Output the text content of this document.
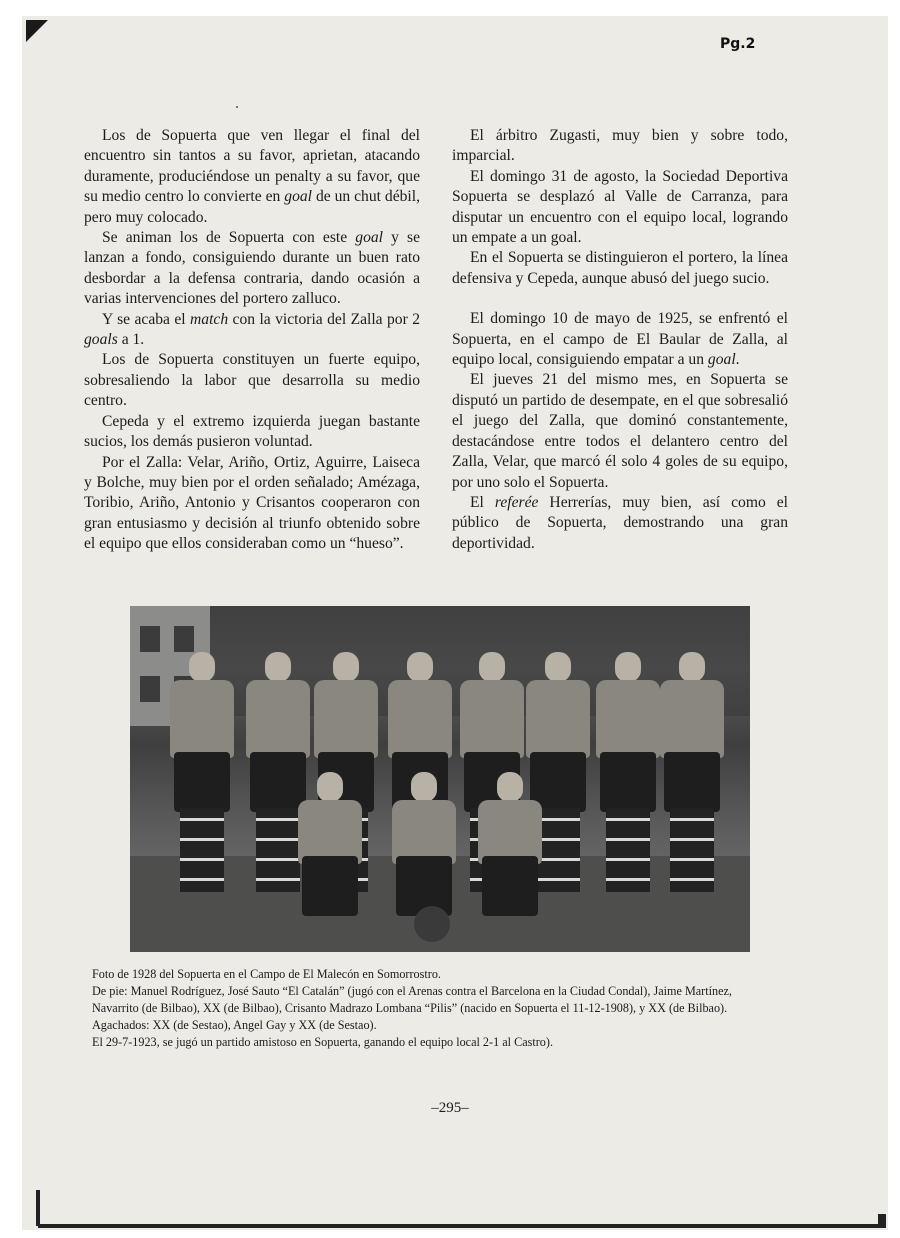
Pg.2

Los de Sopuerta que ven llegar el final del encuentro sin tantos a su favor, aprietan, atacando duramente, produciéndose un penalty a su favor, que su medio centro lo convierte en goal de un chut débil, pero muy colocado.

Se animan los de Sopuerta con este goal y se lanzan a fondo, consiguiendo durante un buen rato desbordar a la defensa contraria, dando ocasión a varias intervenciones del portero zalluco.

Y se acaba el match con la victoria del Zalla por 2 goals a 1.

Los de Sopuerta constituyen un fuerte equipo, sobresaliendo la labor que desarrolla su medio centro.

Cepeda y el extremo izquierda juegan bastante sucios, los demás pusieron voluntad.

Por el Zalla: Velar, Ariño, Ortiz, Aguirre, Laiseca y Bolche, muy bien por el orden señalado; Amézaga, Toribio, Ariño, Antonio y Crisantos cooperaron con gran entusiasmo y decisión al triunfo obtenido sobre el equipo que ellos consideraban como un “hueso”.

El árbitro Zugasti, muy bien y sobre todo, imparcial.

El domingo 31 de agosto, la Sociedad Deportiva Sopuerta se desplazó al Valle de Carranza, para disputar un encuentro con el equipo local, logrando un empate a un goal.

En el Sopuerta se distinguieron el portero, la línea defensiva y Cepeda, aunque abusó del juego sucio.

El domingo 10 de mayo de 1925, se enfrentó el Sopuerta, en el campo de El Baular de Zalla, al equipo local, consiguiendo empatar a un goal.

El jueves 21 del mismo mes, en Sopuerta se disputó un partido de desempate, en el que sobresalió el juego del Zalla, que dominó constantemente, destacándose entre todos el delantero centro del Zalla, Velar, que marcó él solo 4 goles de su equipo, por uno solo el Sopuerta.

El referée Herrerías, muy bien, así como el público de Sopuerta, demostrando una gran deportividad.

Foto de 1928 del Sopuerta en el Campo de El Malecón en Somorrostro.
De pie: Manuel Rodríguez, José Sauto “El Catalán” (jugó con el Arenas contra el Barcelona en la Ciudad Condal), Jaime Martínez,
Navarrito (de Bilbao), XX (de Bilbao), Crisanto Madrazo Lombana “Pilis” (nacido en Sopuerta el 11-12-1908), y XX (de Bilbao).
Agachados: XX (de Sestao), Angel Gay y XX (de Sestao).
El 29-7-1923, se jugó un partido amistoso en Sopuerta, ganando el equipo local 2-1 al Castro).
–295–
